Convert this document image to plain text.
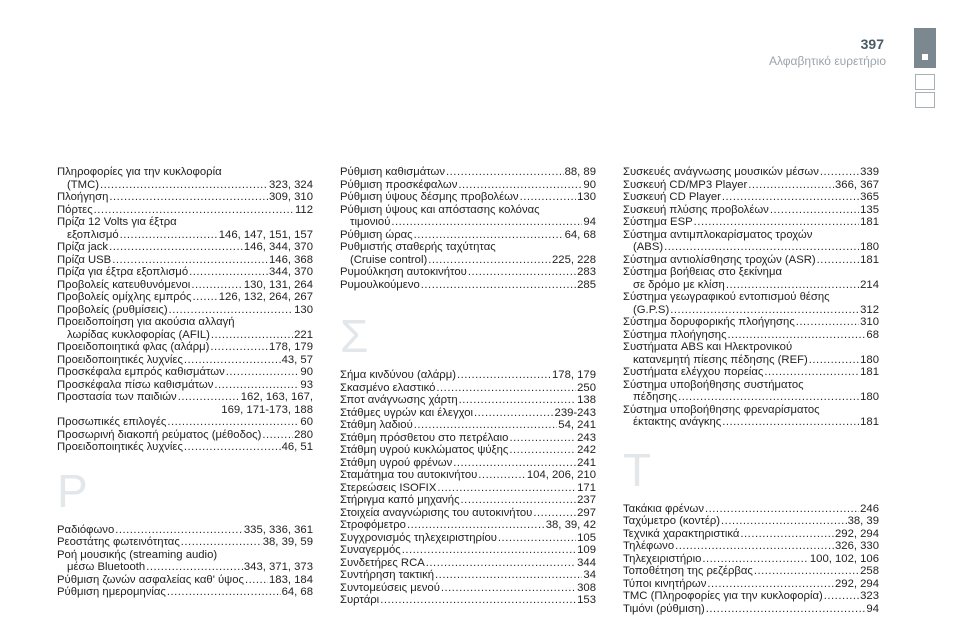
397
Αλφαβητικό ευρετήριο
Πληροφορίες για την κυκλοφορία
(TMC) .....	323, 324
Πλοήγηση .....	309, 310
Πόρτες .....	112
Πρίζα 12 Volts για έξτρα
εξοπλισμό .....	146, 147, 151, 157
Πρίζα jack .....	146, 344, 370
Πρίζα USB .....	146, 368
Πρίζα για έξτρα εξοπλισμό .....	344, 370
Προβολείς κατευθυνόμενοι .....	130, 131, 264
Προβολείς ομίχλης εμπρός ..... 126, 132, 264, 267
Προβολείς (ρυθμίσεις) .....	130
Προειδοποίηση για ακούσια αλλαγή
λωρίδας κυκλοφορίας (AFIL) .....	221
Προειδοποιητικά φλας (αλάρμ) .....	178, 179
Προειδοποιητικές λυχνίες .....	43, 57
Προσκέφαλα εμπρός καθισμάτων .....	90
Προσκέφαλα πίσω καθισμάτων .....	93
Προστασία των παιδιών .....	162, 163, 167,
169, 171-173, 188
Προσωπικές επιλογές .....	60
Προσωρινή διακοπή ρεύματος (μέθοδος) .....	280
Προειδοποιητικές λυχνίες .....	46, 51
P
Ραδιόφωνο .....	335, 336, 361
Ρεοστάτης φωτεινότητας .....	38, 39, 59
Ροή μουσικής (streaming audio)
μέσω Bluetooth .....	343, 371, 373
Ρύθμιση ζωνών ασφαλείας καθ' ύψος ..... 183, 184
Ρύθμιση ημερομηνίας .....	64, 68
Ρύθμιση καθισμάτων .....	88, 89
Ρύθμιση προσκέφαλων .....	90
Ρύθμιση ύψους δέσμης προβολέων .....	130
Ρύθμιση ύψους και απόστασης κολόνας
τιμονιού .....	94
Ρύθμιση ώρας .....	64, 68
Ρυθμιστής σταθερής ταχύτητας
(Cruise control) .....	225, 228
Ρυμούλκηση αυτοκινήτου .....	283
Ρυμουλκούμενο .....	285
Σ
Σήμα κινδύνου (αλάρμ) .....	178, 179
Σκασμένο ελαστικό .....	250
Σποτ ανάγνωσης χάρτη .....	138
Στάθμες υγρών και έλεγχοι .....	239-243
Στάθμη λαδιού .....	54, 241
Στάθμη πρόσθετου στο πετρέλαιο .....	243
Στάθμη υγρού κυκλώματος ψύξης .....	242
Στάθμη υγρού φρένων .....	241
Σταμάτημα του αυτοκινήτου .....	104, 206, 210
Στερεώσεις ISOFIX .....	171
Στήριγμα καπό μηχανής .....	237
Στοιχεία αναγνώρισης του αυτοκινήτου .....	297
Στροφόμετρο .....	38, 39, 42
Συγχρονισμός τηλεχειριστηρίου .....	105
Συναγερμός .....	109
Συνδετήρες RCA .....	344
Συντήρηση τακτική .....	34
Συντομεύσεις μενού .....	308
Συρτάρι .....	153
Συσκευές ανάγνωσης μουσικών μέσων .....	339
Συσκευή CD/MP3 Player .....	366, 367
Συσκευή CD Player .....	365
Συσκευή πλύσης προβολέων .....	135
Σύστημα ESP .....	181
Σύστημα αντιμπλοκαρίσματος τροχών
(ABS) .....	180
Σύστημα αντιολίσθησης τροχών (ASR) .....	181
Σύστημα βοήθειας στο ξεκίνημα
σε δρόμο με κλίση .....	214
Σύστημα γεωγραφικού εντοπισμού θέσης
(G.P.S) .....	312
Σύστημα δορυφορικής πλοήγησης .....	310
Σύστημα πλοήγησης .....	68
Συστήματα ABS και Ηλεκτρονικού
κατανεμητή πίεσης πέδησης (REF) .....	180
Συστήματα ελέγχου πορείας .....	181
Σύστημα υποβοήθησης συστήματος
πέδησης .....	180
Σύστημα υποβοήθησης φρεναρίσματος
έκτακτης ανάγκης .....	181
T
Τακάκια φρένων .....	246
Ταχύμετρο (κοντέρ) .....	38, 39
Τεχνικά χαρακτηριστικά .....	292, 294
Τηλέφωνο .....	326, 330
Τηλεχειριστήριο .....	100, 102, 106
Τοποθέτηση της ρεζέρβας .....	258
Τύποι κινητήρων .....	292, 294
TMC (Πληροφορίες για την κυκλοφορία) .....	323
Τιμόνι (ρύθμιση) .....	94
